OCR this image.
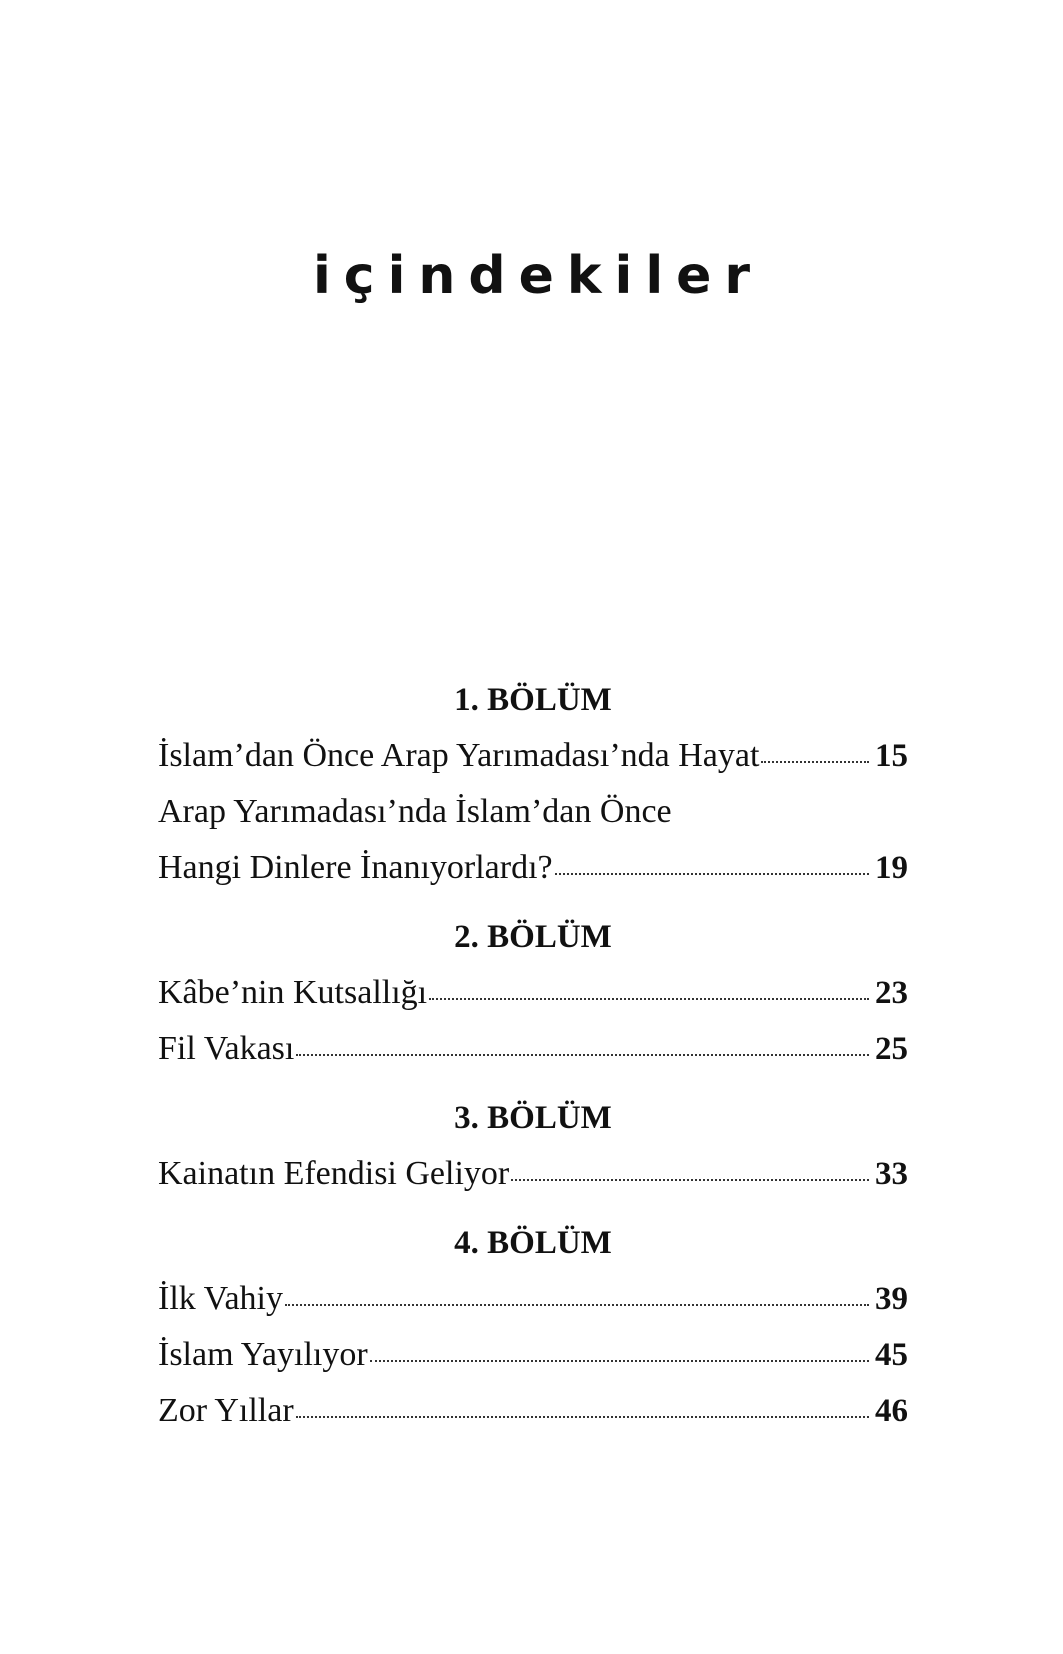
içindekiler
1. BÖLÜM
İslam’dan Önce Arap Yarımadası’nda Hayat	15
Arap Yarımadası’nda İslam’dan Önce
Hangi Dinlere İnanıyorlardı?	19
2. BÖLÜM
Kâbe’nin Kutsallığı	23
Fil Vakası	25
3. BÖLÜM
Kainatın Efendisi Geliyor	33
4. BÖLÜM
İlk Vahiy	39
İslam Yayılıyor	45
Zor Yıllar	46
